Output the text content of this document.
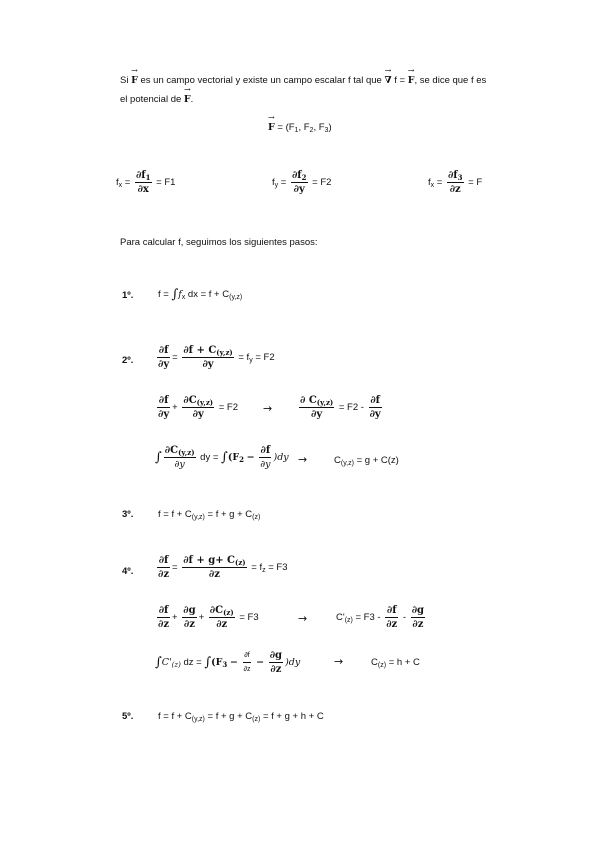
Si → F es un campo vectorial y existe un campo escalar f tal que → ∇ f = → F, se dice que f es
el potencial de → F.
→ $F = (F_1$, $F_2$, $F_3$)
$f_x = \frac{\partial f_1}{\partial x} = F1$	$f_y = \frac{\partial f_2}{\partial y} = F2$	$f_x = \frac{\partial f_3}{\partial z} = F$
Para calcular f, seguimos los siguientes pasos:
1º.	$f = \int f_x$ dx = $f + C_{(y,z)}$
2º. $\frac{\partial f}{\partial y} = \frac{\partial f + C_{(y,z)}}{\partial y} = f_y = F2$
$\frac{\partial f}{\partial y} + \frac{\partial C_{(y,z)}}{\partial y} = F2$ →	$\frac{\partial C_{(y,z)}}{\partial y} = F2 - \frac{\partial f}{\partial y}$
∫ $\frac{\partial C_{(y,z)}}{\partial y}$ dy = $\int(F_2 - \frac{\partial f}{\partial y} )dy$ →	$C_{(y,z)} = g + C(z)$
3º.	$f = f + C_{(y,z)} = f + g + C_{(z)}$
4º. $\frac{\partial f}{\partial z} = \frac{\partial f + g+ C_{(z)}}{\partial z} = f_z = F3$
$\frac{\partial f}{\partial z} + \frac{\partial g}{\partial z} + \frac{\partial C_{(z)}}{\partial z} = F3$	→	$C'_{(z)} = F3 - \frac{\partial f}{\partial z} - \frac{\partial g}{\partial z}$
$\int C'_{(z)}$ dz = $\int(F_3 - \frac{\partial f}{\partial z} - \frac{\partial g}{\partial z} )dy$	→	$C_{(z)} = h + C$
5º.	$f = f + C_{(y,z)} = f + g + C_{(z)} = f + g + h + C$
